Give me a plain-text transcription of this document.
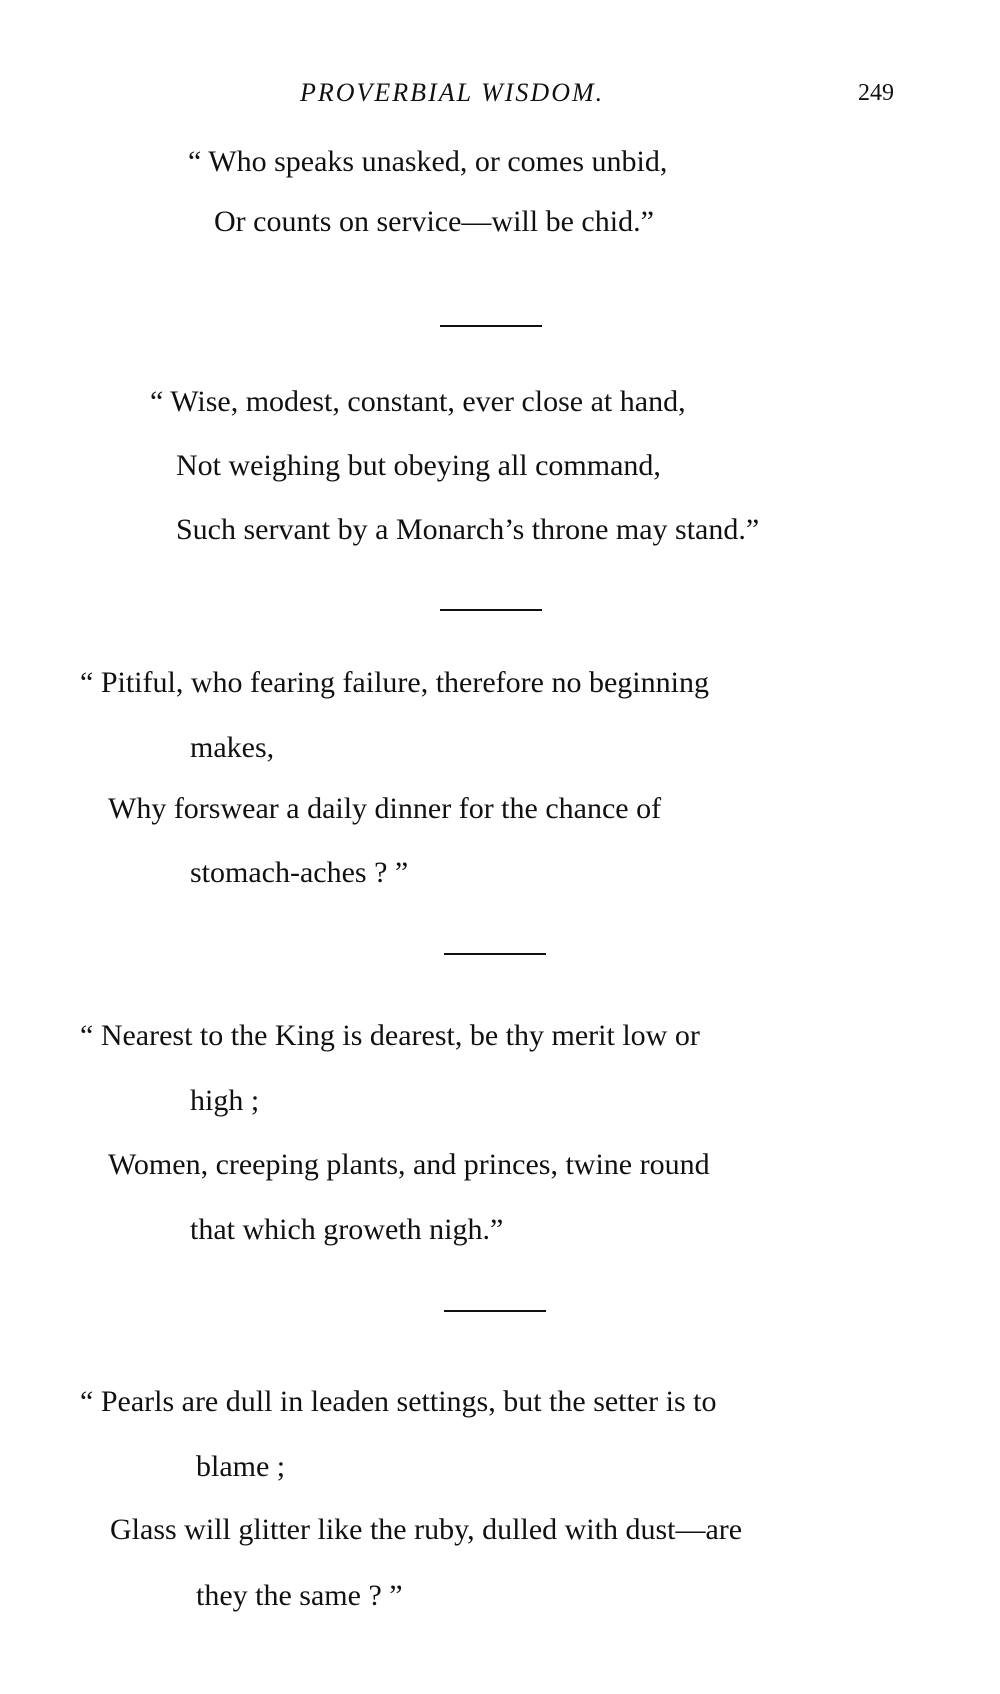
PROVERBIAL WISDOM.	249
“ Who speaks unasked, or comes unbid,
Or counts on service—will be chid.”
“ Wise, modest, constant, ever close at hand,
Not weighing but obeying all command,
Such servant by a Monarch’s throne may stand.”
“ Pitiful, who fearing failure, therefore no beginning
makes,
Why forswear a daily dinner for the chance of
stomach-aches ? ”
“ Nearest to the King is dearest, be thy merit low or
high ;
Women, creeping plants, and princes, twine round
that which groweth nigh.”
“ Pearls are dull in leaden settings, but the setter is to
blame ;
Glass will glitter like the ruby, dulled with dust—are
they the same ? ”
